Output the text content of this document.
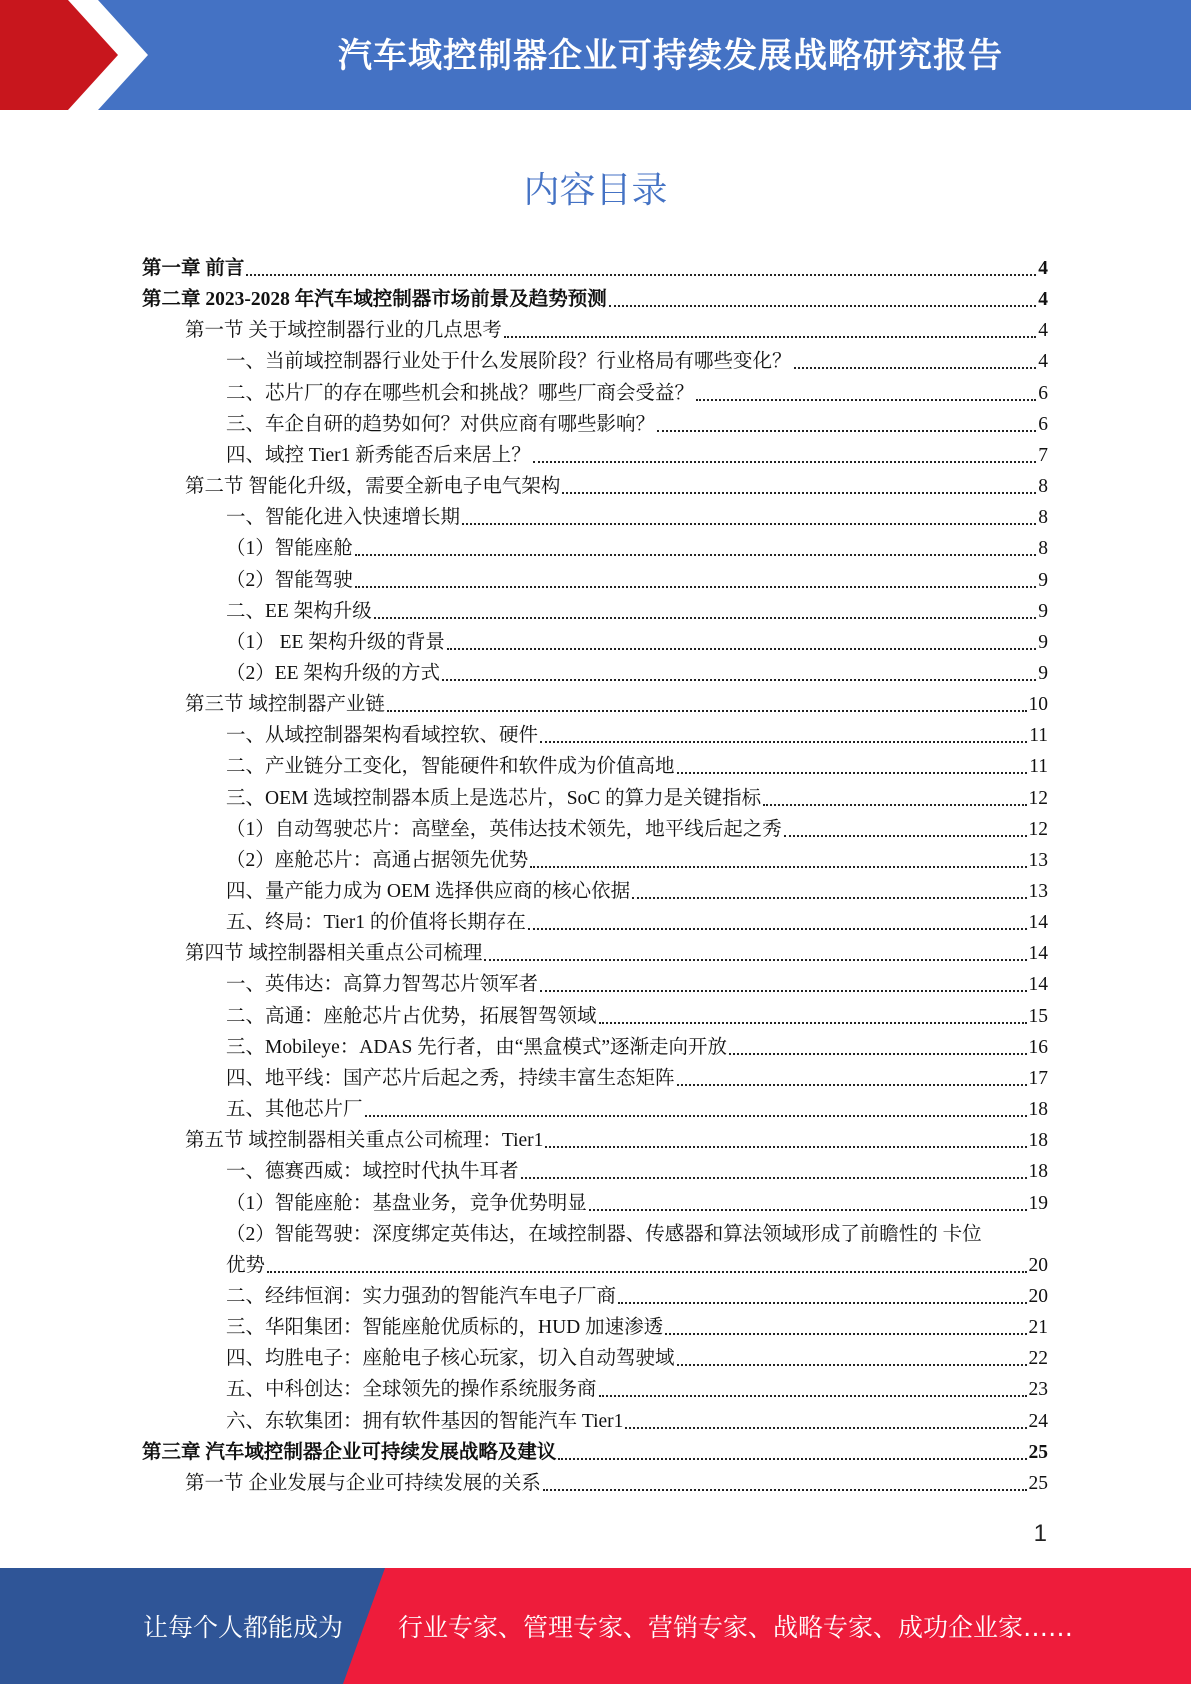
汽车域控制器企业可持续发展战略研究报告
内容目录
第一章 前言	4
第二章 2023-2028 年汽车域控制器市场前景及趋势预测	4
第一节 关于域控制器行业的几点思考	4
一、当前域控制器行业处于什么发展阶段？行业格局有哪些变化？	4
二、芯片厂的存在哪些机会和挑战？哪些厂商会受益？	6
三、车企自研的趋势如何？对供应商有哪些影响？	6
四、域控 Tier1 新秀能否后来居上？	7
第二节 智能化升级，需要全新电子电气架构	8
一、智能化进入快速增长期	8
（1）智能座舱	8
（2）智能驾驶	9
二、EE 架构升级	9
（1） EE 架构升级的背景	9
（2）EE 架构升级的方式	9
第三节 域控制器产业链	10
一、从域控制器架构看域控软、硬件	11
二、产业链分工变化，智能硬件和软件成为价值高地	11
三、OEM 选域控制器本质上是选芯片，SoC 的算力是关键指标	12
（1）自动驾驶芯片：高壁垒，英伟达技术领先，地平线后起之秀	12
（2）座舱芯片：高通占据领先优势	13
四、量产能力成为 OEM 选择供应商的核心依据	13
五、终局：Tier1 的价值将长期存在	14
第四节 域控制器相关重点公司梳理	14
一、英伟达：高算力智驾芯片领军者	14
二、高通：座舱芯片占优势，拓展智驾领域	15
三、Mobileye：ADAS 先行者，由“黑盒模式”逐渐走向开放	16
四、地平线：国产芯片后起之秀，持续丰富生态矩阵	17
五、其他芯片厂	18
第五节 域控制器相关重点公司梳理：Tier1	18
一、德赛西威：域控时代执牛耳者	18
（1）智能座舱：基盘业务，竞争优势明显	19
（2）智能驾驶：深度绑定英伟达，在域控制器、传感器和算法领域形成了前瞻性的 卡位
优势	20
二、经纬恒润：实力强劲的智能汽车电子厂商	20
三、华阳集团：智能座舱优质标的，HUD 加速渗透	21
四、均胜电子：座舱电子核心玩家，切入自动驾驶域	22
五、中科创达：全球领先的操作系统服务商	23
六、东软集团：拥有软件基因的智能汽车 Tier1	24
第三章 汽车域控制器企业可持续发展战略及建议	25
第一节 企业发展与企业可持续发展的关系	25
1
让每个人都能成为 行业专家、管理专家、营销专家、战略专家、成功企业家……
